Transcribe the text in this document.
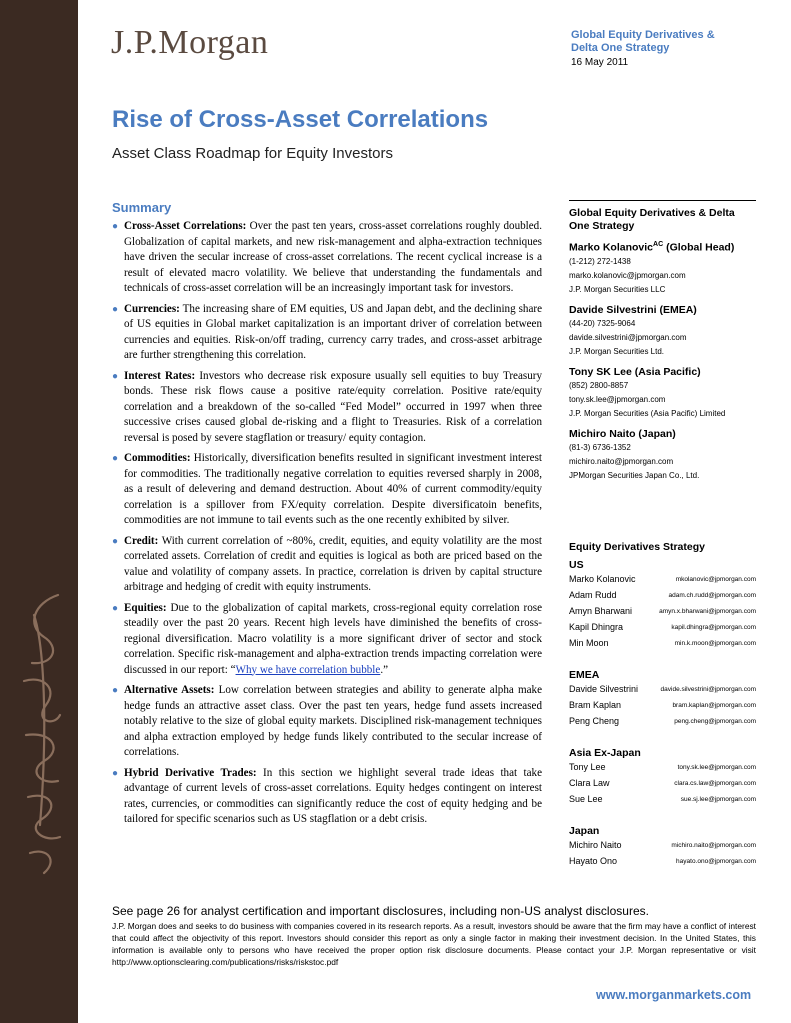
J.P.Morgan	Global Equity Derivatives &
Delta One Strategy
16 May 2011
Rise of Cross-Asset Correlations
Asset Class Roadmap for Equity Investors
Summary
● Cross-Asset Correlations: Over the past ten years, cross-asset correlations roughly doubled. Globalization of capital markets, and new risk-management and alpha-extraction techniques have driven the secular increase of cross-asset correlations. The recent cyclical increase is a result of elevated macro volatility. We believe that understanding the fundamentals and technicals of cross-asset correlation will be an increasingly important task for investors.
● Currencies: The increasing share of EM equities, US and Japan debt, and the declining share of US equities in Global market capitalization is an important driver of correlation between currencies and equities. Risk-on/off trading, currency carry trades, and cross-asset arbitrage are further strengthening this correlation.
● Interest Rates: Investors who decrease risk exposure usually sell equities to buy Treasury bonds. These risk flows cause a positive rate/equity correlation. Positive rate/equity correlation and a breakdown of the so-called “Fed Model” occurred in 1997 when three successive crises caused global de-risking and a flight to Treasuries. Risk of a correlation reversal is posed by severe stagflation or treasury/ equity contagion.
● Commodities: Historically, diversification benefits resulted in significant investment interest for commodities. The traditionally negative correlation to equities reversed sharply in 2008, as a result of delevering and demand destruction. About 40% of current commodity/equity correlation is a spillover from FX/equity correlation. Despite diversificatoin benefits, commodities are not immune to tail events such as the one recently exhibited by silver.
● Credit: With current correlation of ~80%, credit, equities, and equity volatility are the most correlated assets. Correlation of credit and equities is logical as both are priced based on the value and volatility of company assets. In practice, correlation is driven by capital structure arbitrage and hedging of credit with equity instruments.
● Equities: Due to the globalization of capital markets, cross-regional equity correlation rose steadily over the past 20 years. Recent high levels have diminished the benefits of cross-regional diversification. Macro volatility is a more significant driver of sector and stock correlation. Specific risk-management and alpha-extraction trends impacting correlation were discussed in our report: “Why we have correlation bubble.”
● Alternative Assets: Low correlation between strategies and ability to generate alpha make hedge funds an attractive asset class. Over the past ten years, hedge fund assets increased notably relative to the size of global equity markets. Disciplined risk-management techniques and alpha extraction employed by hedge funds likely contributed to the secular increase of correlations.
● Hybrid Derivative Trades: In this section we highlight several trade ideas that take advantage of current levels of cross-asset correlations. Equity hedges contingent on interest rates, currencies, or commodities can significantly reduce the cost of equity hedging and be tailored for specific scenarios such as US stagflation or a debt crisis.
Global Equity Derivatives & Delta One Strategy
Marko Kolanovic$^{AC}$ (Global Head)
(1-212) 272-1438
marko.kolanovic@jpmorgan.com
J.P. Morgan Securities LLC
Davide Silvestrini (EMEA)
(44-20) 7325-9064
davide.silvestrini@jpmorgan.com
J.P. Morgan Securities Ltd.
Tony SK Lee (Asia Pacific)
(852) 2800-8857
tony.sk.lee@jpmorgan.com
J.P. Morgan Securities (Asia Pacific) Limited
Michiro Naito (Japan)
(81-3) 6736-1352
michiro.naito@jpmorgan.com
JPMorgan Securities Japan Co., Ltd.
Equity Derivatives Strategy
US
Marko Kolanovic	mkolanovic@jpmorgan.com
Adam Rudd	adam.ch.rudd@jpmorgan.com
Amyn Bharwani	amyn.x.bharwani@jpmorgan.com
Kapil Dhingra	kapil.dhingra@jpmorgan.com
Min Moon	min.k.moon@jpmorgan.com
EMEA
Davide Silvestrini	davide.silvestrini@jpmorgan.com
Bram Kaplan	bram.kaplan@jpmorgan.com
Peng Cheng	peng.cheng@jpmorgan.com
Asia Ex-Japan
Tony Lee	tony.sk.lee@jpmorgan.com
Clara Law	clara.cs.law@jpmorgan.com
Sue Lee	sue.sj.lee@jpmorgan.com
Japan
Michiro Naito	michiro.naito@jpmorgan.com
Hayato Ono	hayato.ono@jpmorgan.com
See page 26 for analyst certification and important disclosures, including non-US analyst disclosures.
J.P. Morgan does and seeks to do business with companies covered in its research reports. As a result, investors should be aware that the firm may have a conflict of interest that could affect the objectivity of this report. Investors should consider this report as only a single factor in making their investment decision. In the United States, this information is available only to persons who have received the proper option risk disclosure documents. Please contact your J.P. Morgan representative or visit http://www.optionsclearing.com/publications/risks/riskstoc.pdf
www.morganmarkets.com
